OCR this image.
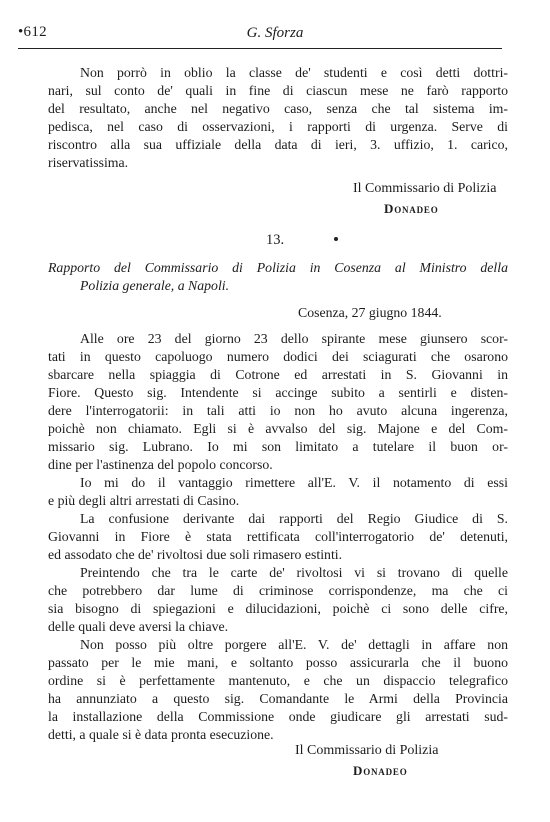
•612	G. Sforza
Non porrò in oblio la classe de' studenti e così detti dottri-
nari, sul conto de' quali in fine di ciascun mese ne farò rapporto
del resultato, anche nel negativo caso, senza che tal sistema im-
pedisca, nel caso di osservazioni, i rapporti di urgenza. Serve di
riscontro alla sua uffiziale della data di ieri, 3. uffizio, 1. carico,
riservatissima.
Il Commissario di Polizia
Donadeo
13.
Rapporto del Commissario di Polizia in Cosenza al Ministro della
Polizia generale, a Napoli.
Cosenza, 27 giugno 1844.
Alle ore 23 del giorno 23 dello spirante mese giunsero scor-
tati in questo capoluogo numero dodici dei sciagurati che osarono
sbarcare nella spiaggia di Cotrone ed arrestati in S. Giovanni in
Fiore. Questo sig. Intendente si accinge subito a sentirli e disten-
dere l'interrogatorii: in tali atti io non ho avuto alcuna ingerenza,
poichè non chiamato. Egli si è avvalso del sig. Majone e del Com-
missario sig. Lubrano. Io mi son limitato a tutelare il buon or-
dine per l'astinenza del popolo concorso.
Io mi do il vantaggio rimettere all'E. V. il notamento di essi
e più degli altri arrestati di Casino.
La confusione derivante dai rapporti del Regio Giudice di S.
Giovanni in Fiore è stata rettificata coll'interrogatorio de' detenuti,
ed assodato che de' rivoltosi due soli rimasero estinti.
Preintendo che tra le carte de' rivoltosi vi si trovano di quelle
che potrebbero dar lume di criminose corrispondenze, ma che ci
sia bisogno di spiegazioni e dilucidazioni, poichè ci sono delle cifre,
delle quali deve aversi la chiave.
Non posso più oltre porgere all'E. V. de' dettagli in affare non
passato per le mie mani, e soltanto posso assicurarla che il buono
ordine si è perfettamente mantenuto, e che un dispaccio telegrafico
ha annunziato a questo sig. Comandante le Armi della Provincia
la installazione della Commissione onde giudicare gli arrestati sud-
detti, a quale si è data pronta esecuzione.
Il Commissario di Polizia
Donadeo
